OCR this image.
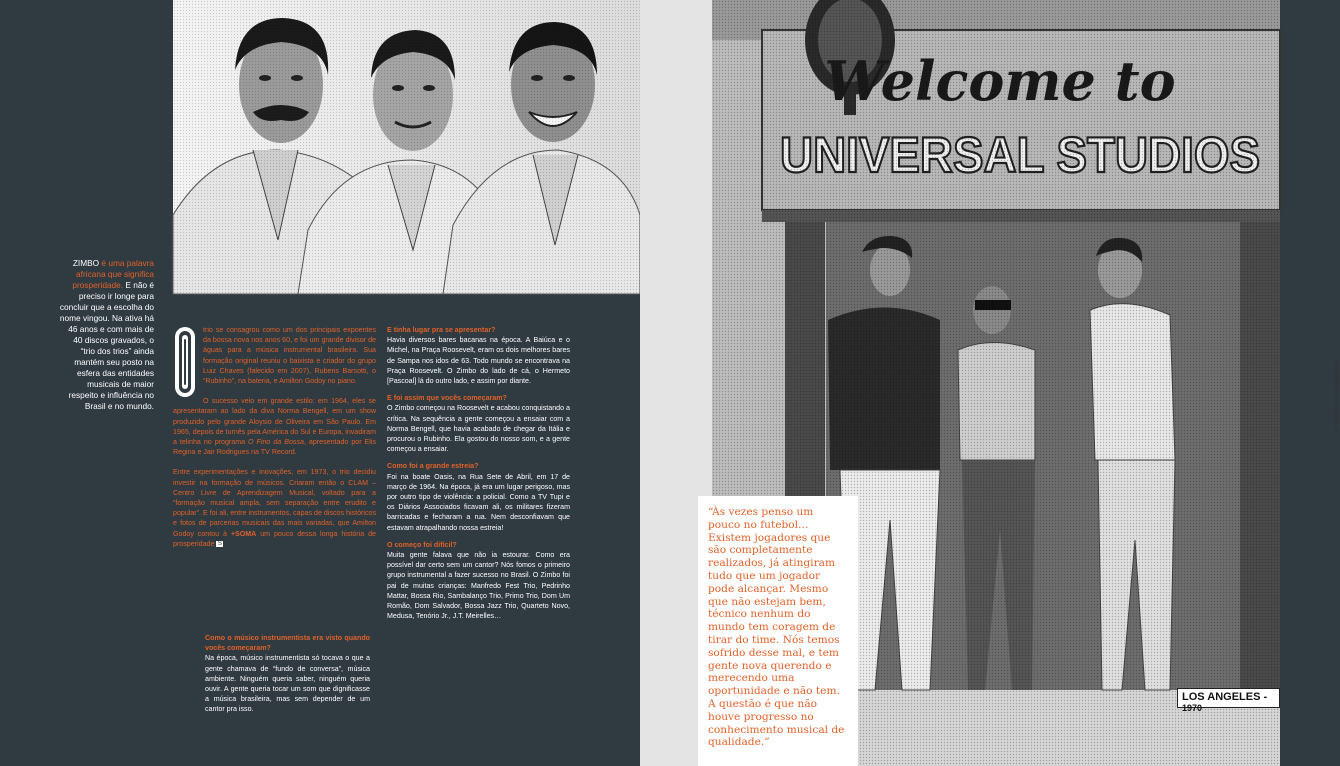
ZIMBO é uma palavra africana que significa prosperidade. E não é preciso ir longe para concluir que a escolha do nome vingou. Na ativa há 46 anos e com mais de 40 discos gravados, o “trio dos trios” ainda mantém seu posto na esfera das entidades musicais de maior respeito e influência no Brasil e no mundo.

trio se consagrou como um dos principais expoentes da bossa nova nos anos 60, e foi um grande divisor de águas para a música instrumental brasileira. Sua formação original reuniu o baixista e criador do grupo Luiz Chaves (falecido em 2007), Rubens Barsotti, o “Rubinho”, na bateria, e Amilton Godoy no piano.

O sucesso veio em grande estilo: em 1964, eles se apresentaram ao lado da diva Norma Bengell, em um show produzido pelo grande Aloysio de Oliveira em São Paulo. Em 1965, depois de turnês pela América do Sul e Europa, invadiram a telinha no programa O Fino da Bossa, apresentado por Elis Regina e Jair Rodrigues na TV Record.

Entre experimentações e inovações, em 1973, o trio decidiu investir na formação de músicos. Criaram então o CLAM – Centro Livre de Aprendizagem Musical, voltado para a “formação musical ampla, sem separação entre erudito e popular”. E foi ali, entre instrumentos, capas de discos históricos e fotos de parcerias musicais das mais variadas, que Amilton Godoy contou à +SOMA um pouco dessa longa história de prosperidade S

E tinha lugar pra se apresentar?
Havia diversos bares bacanas na época. A Baiúca e o Michel, na Praça Roosevelt, eram os dois melhores bares de Sampa nos idos de 63. Todo mundo se encontrava na Praça Roosevelt. O Zimbo do lado de cá, o Hermeto [Pascoal] lá do outro lado, e assim por diante.

E foi assim que vocês começaram?
O Zimbo começou na Roosevelt e acabou conquistando a crítica. Na sequência a gente começou a ensaiar com a Norma Bengell, que havia acabado de chegar da Itália e procurou o Rubinho. Ela gostou do nosso som, e a gente começou a ensaiar.

Como foi a grande estreia?
Foi na boate Oasis, na Rua Sete de Abril, em 17 de março de 1964. Na época, já era um lugar perigoso, mas por outro tipo de violência: a policial. Como a TV Tupi e os Diários Associados ficavam ali, os militares fizeram barricadas e fecharam a rua. Nem desconfiavam que estavam atrapalhando nossa estreia!

O começo foi difícil?
Muita gente falava que não ia estourar. Como era possível dar certo sem um cantor? Nós fomos o primeiro grupo instrumental a fazer sucesso no Brasil. O Zimbo foi pai de muitas crianças: Manfredo Fest Trio, Pedrinho Mattar, Bossa Rio, Sambalanço Trio, Primo Trio, Dom Um Romão, Dom Salvador, Bossa Jazz Trio, Quarteto Novo, Medusa, Tenório Jr., J.T. Meirelles…

Como o músico instrumentista era visto quando vocês começaram?
Na época, músico instrumentista só tocava o que a gente chamava de “fundo de conversa”, música ambiente. Ninguém queria saber, ninguém queria ouvir. A gente queria tocar um som que dignificasse a música brasileira, mas sem depender de um cantor pra isso.

® TEXTO DA LEGENDA
“Às vezes penso um pouco no futebol… Existem jogadores que são completamente realizados, já atingiram tudo que um jogador pode alcançar. Mesmo que não estejam bem, técnico nenhum do mundo tem coragem de tirar do time. Nós temos sofrido desse mal, e tem gente nova querendo e merecendo uma oportunidade e não tem. A questão é que não houve progresso no conhecimento musical de qualidade.”
LOS ANGELES -
1970
